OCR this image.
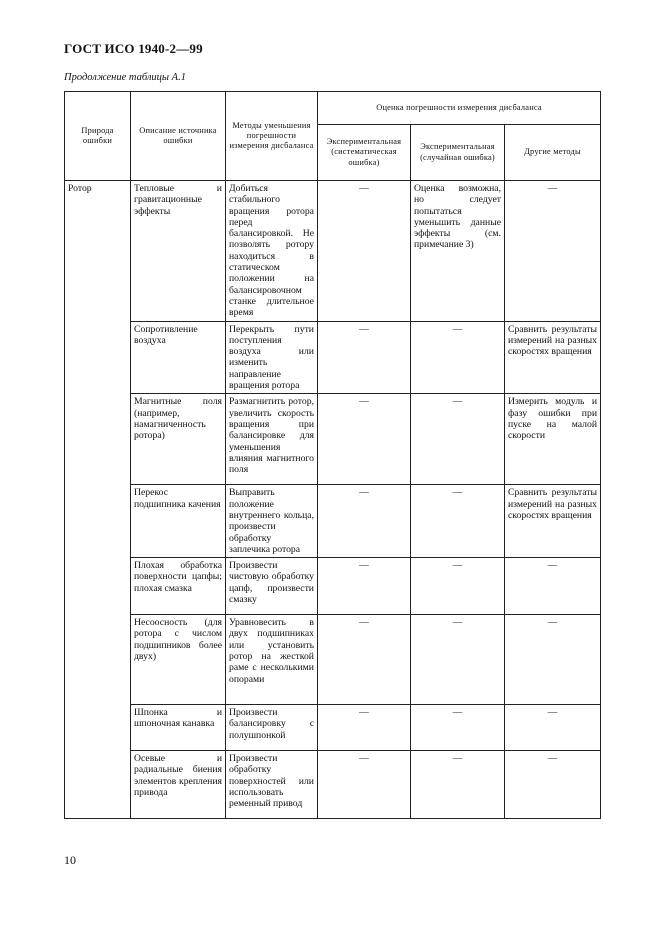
ГОСТ ИСО 1940-2—99
Продолжение таблицы А.1
Природа ошибки	Описание источника ошибки	Методы уменьшения погрешности измерения дисбаланса	Оценка погрешности измерения дисбаланса		
			Экспериментальная (систематическая ошибка)	Экспериментальная (случайная ошибка)	Другие методы
Ротор	Тепловые и гравитационные эффекты	Добиться стабильного вращения ротора перед балансировкой. Не позволять ротору находиться в статическом положении на балансировочном станке длительное время	—	Оценка возможна, но следует попытаться уменьшить данные эффекты (см. примечание 3)	—
	Сопротивление воздуха	Перекрыть пути поступления воздуха или изменить направление вращения ротора	—	—	Сравнить результаты измерений на разных скоростях вращения
	Магнитные поля (например, намагниченность ротора)	Размагнитить ротор, увеличить скорость вращения при балансировке для уменьшения влияния магнитного поля	—	—	Измерить модуль и фазу ошибки при пуске на малой скорости
	Перекос подшипника качения	Выправить положение внутреннего кольца, произвести обработку заплечика ротора	—	—	Сравнить результаты измерений на разных скоростях вращения
	Плохая обработка поверхности цапфы; плохая смазка	Произвести чистовую обработку цапф, произвести смазку	—	—	—
	Несоосность (для ротора с числом подшипников более двух)	Уравновесить в двух подшипниках или установить ротор на жесткой раме с несколькими опорами	—	—	—
	Шпонка и шпоночная канавка	Произвести балансировку с полушпонкой	—	—	—
	Осевые и радиальные биения элементов крепления привода	Произвести обработку поверхностей или использовать ременный привод	—	—	—
10
